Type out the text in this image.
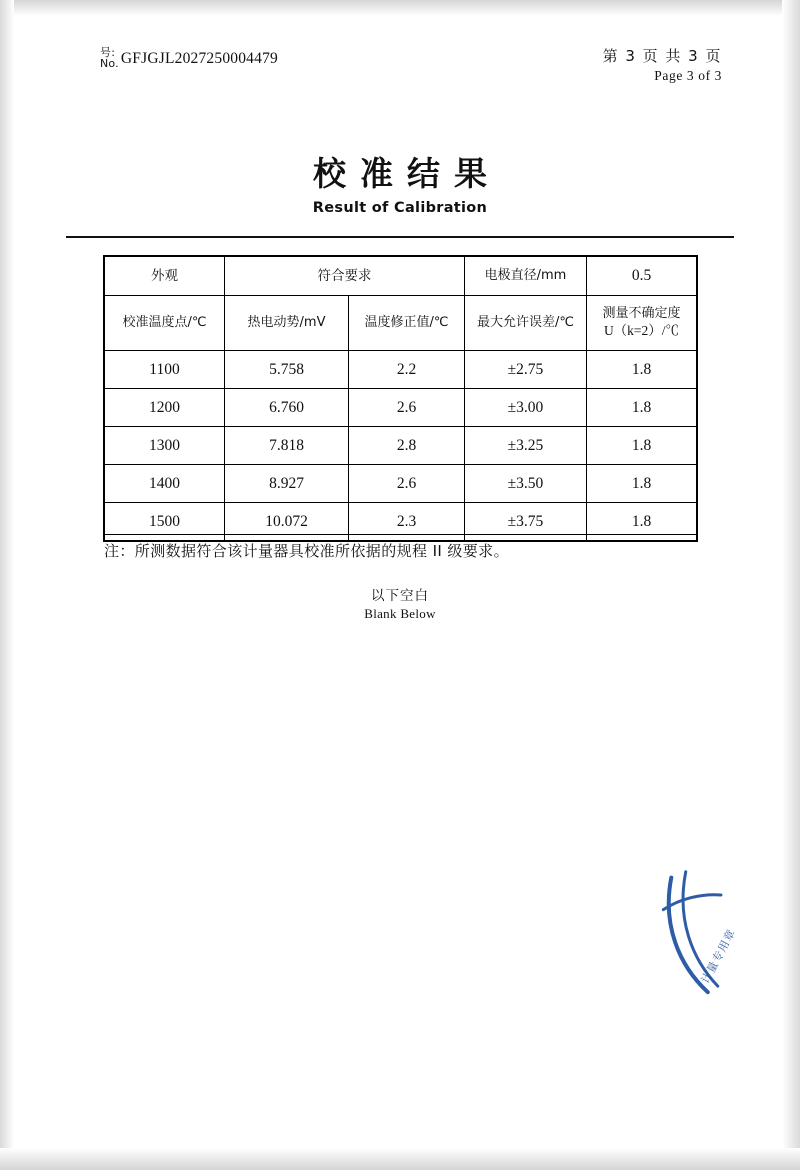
号:
No. GFJGJL2027250004479	第 3 页 共 3 页
Page 3 of 3
校准结果
Result of Calibration
外观	符合要求		电极直径/mm	0.5
校准温度点/℃	热电动势/mV	温度修正值/℃	最大允许误差/℃	测量不确定度
U（k=2）/℃

1100	5.758	2.2	±2.75	1.8
1200	6.760	2.6	±3.00	1.8
1300	7.818	2.8	±3.25	1.8
1400	8.927	2.6	±3.50	1.8
1500	10.072	2.3	±3.75	1.8
注：所测数据符合该计量器具校准所依据的规程 II 级要求。
以下空白
Blank Below
计量专用章
